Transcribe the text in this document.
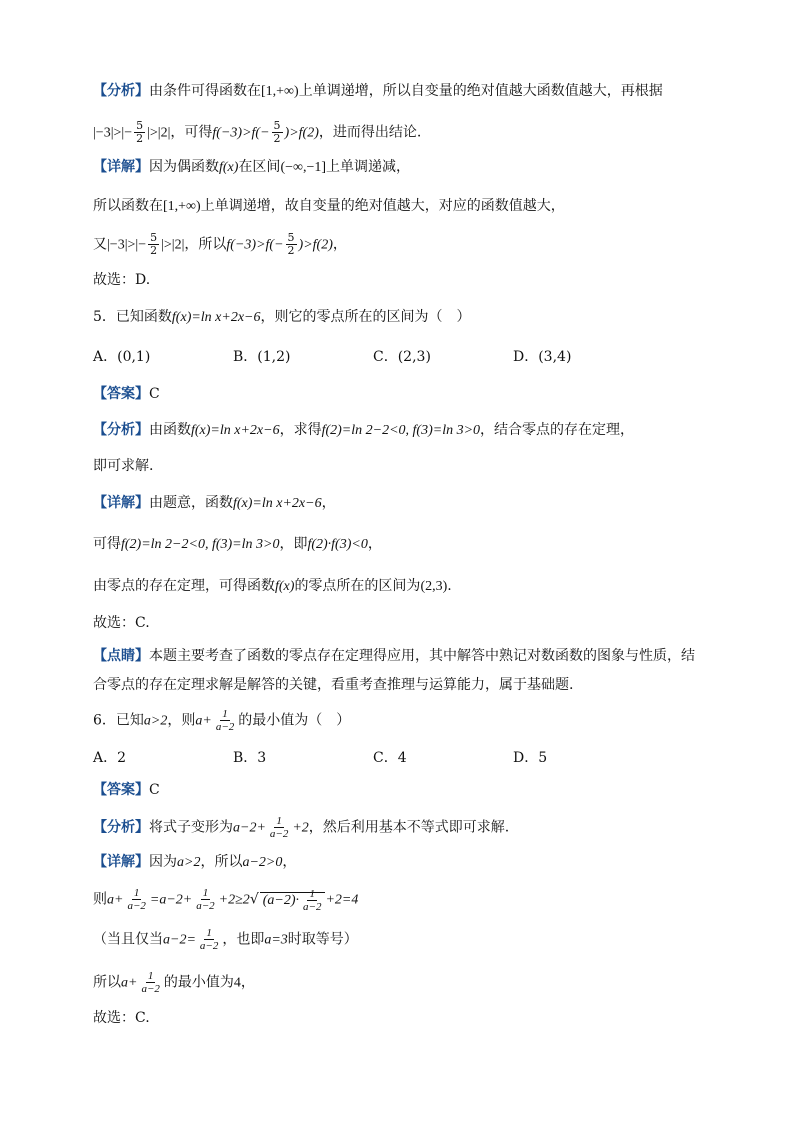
【分析】由条件可得函数在[1,+∞)上单调递增，所以自变量的绝对值越大函数值越大，再根据
$|-3|>|- \frac{5}{2} |>|2|$，可得$f(-3)>f(- \frac{5}{2} )>f(2)$，进而得出结论.
【详解】因为偶函数f(x)在区间(−∞,−1]上单调递减，
所以函数在[1,+∞)上单调递增，故自变量的绝对值越大，对应的函数值越大，
又$|-3|>|- \frac{5}{2} |>|2|$，所以$f(-3)>f(- \frac{5}{2} )>f(2)$，
故选：D.
5．已知函数f(x)=ln x+2x−6，则它的零点所在的区间为（　）
A．(0,1)	B．(1,2)	C．(2,3)	D．(3,4)
【答案】C
【分析】由函数f(x)=ln x+2x−6，求得f(2)=ln 2−2<0, f(3)=ln 3>0，结合零点的存在定理，
即可求解.
【详解】由题意，函数f(x)=ln x+2x−6，
可得f(2)=ln 2−2<0, f(3)=ln 3>0，即f(2)·f(3)<0，
由零点的存在定理，可得函数f(x)的零点所在的区间为(2,3).
故选：C.
【点睛】本题主要考查了函数的零点存在定理得应用，其中解答中熟记对数函数的图象与性质，结
合零点的存在定理求解是解答的关键，看重考查推理与运算能力，属于基础题.
6．已知a>2，则$a+ \frac{1}{a-2}$ 的最小值为（　）
A．2	B．3	C．4	D．5
【答案】C
【分析】将式子变形为$a-2+ \frac{1}{a-2} +2$，然后利用基本不等式即可求解.
【详解】因为a>2，所以a−2>0，
则$a+ \frac{1}{a-2} =a-2+ \frac{1}{a-2} +2\ge 2√$ $(a-2)\cdot \frac{1}{a-2} +2=4$
（当且仅当$a-2= \frac{1}{a-2}$ ，也即a=3时取等号）
所以$a+ \frac{1}{a-2}$ 的最小值为4，
故选：C.
